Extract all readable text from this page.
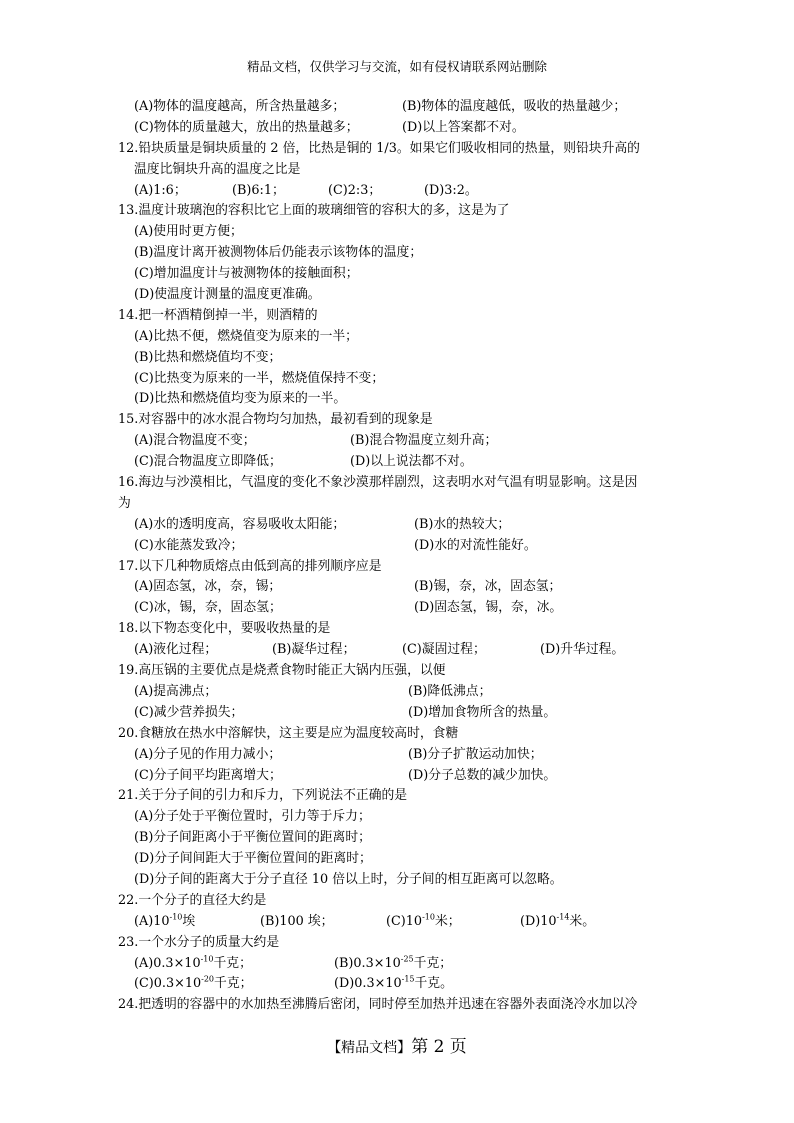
精品文档，仅供学习与交流，如有侵权请联系网站删除
(A)物体的温度越高，所含热量越多；	(B)物体的温度越低，吸收的热量越少；
(C)物体的质量越大，放出的热量越多；	(D)以上答案都不对。
12.铅块质量是铜块质量的 2 倍，比热是铜的 1/3。如果它们吸收相同的热量，则铅块升高的
温度比铜块升高的温度之比是
(A)1:6；	(B)6:1；	(C)2:3；	(D)3:2。
13.温度计玻璃泡的容积比它上面的玻璃细管的容积大的多，这是为了
(A)使用时更方便；
(B)温度计离开被测物体后仍能表示该物体的温度；
(C)增加温度计与被测物体的接触面积；
(D)使温度计测量的温度更准确。
14.把一杯酒精倒掉一半，则酒精的
(A)比热不便，燃烧值变为原来的一半；
(B)比热和燃烧值均不变；
(C)比热变为原来的一半，燃烧值保持不变；
(D)比热和燃烧值均变为原来的一半。
15.对容器中的冰水混合物均匀加热，最初看到的现象是
(A)混合物温度不变；	(B)混合物温度立刻升高；
(C)混合物温度立即降低；	(D)以上说法都不对。
16.海边与沙漠相比，气温度的变化不象沙漠那样剧烈，这表明水对气温有明显影响。这是因
为
(A)水的透明度高，容易吸收太阳能；	(B)水的热较大；
(C)水能蒸发致冷；	(D)水的对流性能好。
17.以下几种物质熔点由低到高的排列顺序应是
(A)固态氢，冰，奈，锡；	(B)锡，奈，冰，固态氢；
(C)冰，锡，奈，固态氢；	(D)固态氢，锡，奈，冰。
18.以下物态变化中，要吸收热量的是
(A)液化过程；	(B)凝华过程；	(C)凝固过程；	(D)升华过程。
19.高压锅的主要优点是烧煮食物时能正大锅内压强，以便
(A)提高沸点；	(B)降低沸点；
(C)减少营养损失；	(D)增加食物所含的热量。
20.食糖放在热水中溶解快，这主要是应为温度较高时，食糖
(A)分子见的作用力减小；	(B)分子扩散运动加快；
(C)分子间平均距离增大；	(D)分子总数的减少加快。
21.关于分子间的引力和斥力，下列说法不正确的是
(A)分子处于平衡位置时，引力等于斥力；
(B)分子间距离小于平衡位置间的距离时；
(D)分子间间距大于平衡位置间的距离时；
(D)分子间的距离大于分子直径 10 倍以上时，分子间的相互距离可以忽略。
22.一个分子的直径大约是
$(A)10^{-10}$埃	(B)100 埃；	$(C)10^{-10}$米；	$(D)10^{-14}$米。
23.一个水分子的质量大约是
$(A)0.3\times 10^{-10}$千克；	$(B)0.3\times 10^{-25}$千克；
$(C)0.3\times 10^{-20}$千克；	$(D)0.3\times 10^{-15}$千克。
24.把透明的容器中的水加热至沸腾后密闭，同时停至加热并迅速在容器外表面浇冷水加以冷
【精品文档】第 2 页
